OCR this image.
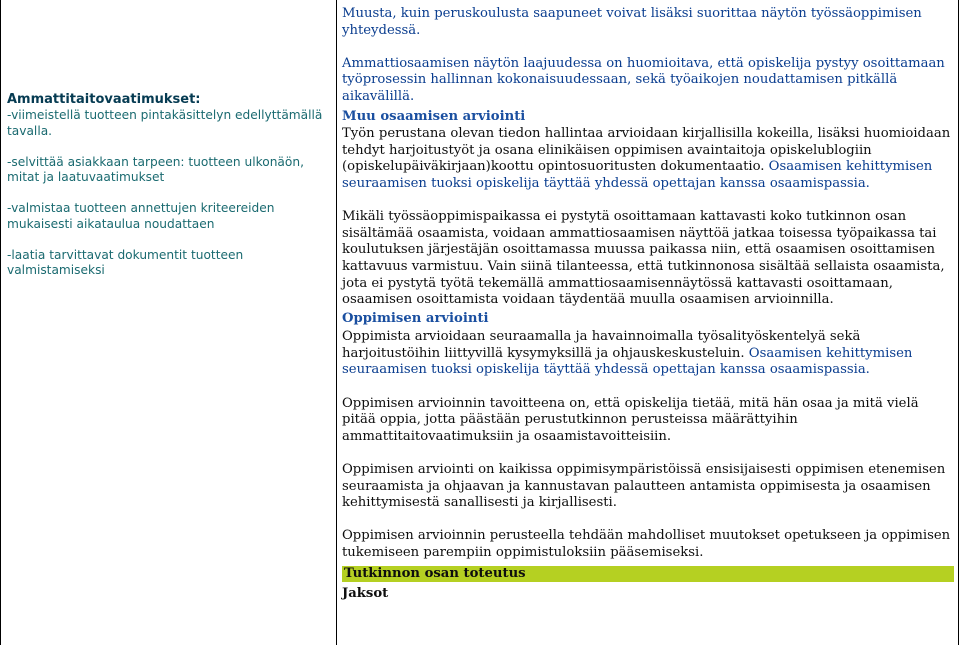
Ammattitaitovaatimukset:

-viimeistellä tuotteen pintakäsittelyn edellyttämällä tavalla.

-selvittää asiakkaan tarpeen: tuotteen ulkonäön, mitat ja laatuvaatimukset

-valmistaa tuotteen annettujen kriteereiden mukaisesti aikataulua noudattaen

-laatia tarvittavat dokumentit tuotteen valmistamiseksi

Muusta, kuin peruskoulusta saapuneet voivat lisäksi suorittaa näytön työssäoppimisen yhteydessä.

Ammattiosaamisen näytön laajuudessa on huomioitava, että opiskelija pystyy osoittamaan työprosessin hallinnan kokonaisuudessaan, sekä työaikojen noudattamisen pitkällä aikavälillä.

Muu osaamisen arviointi

Työn perustana olevan tiedon hallintaa arvioidaan kirjallisilla kokeilla, lisäksi huomioidaan tehdyt harjoitustyöt ja osana elinikäisen oppimisen avaintaitoja opiskelublogiin (opiskelupäiväkirjaan)koottu opintosuoritusten dokumentaatio. Osaamisen kehittymisen seuraamisen tuoksi opiskelija täyttää yhdessä opettajan kanssa osaamispassia.

Mikäli työssäoppimispaikassa ei pystytä osoittamaan kattavasti koko tutkinnon osan sisältämää osaamista, voidaan ammattiosaamisen näyttöä jatkaa toisessa työpaikassa tai koulutuksen järjestäjän osoittamassa muussa paikassa niin, että osaamisen osoittamisen kattavuus varmistuu. Vain siinä tilanteessa, että tutkinnonosa sisältää sellaista osaamista, jota ei pystytä työtä tekemällä ammattiosaamisennäytössä kattavasti osoittamaan, osaamisen osoittamista voidaan täydentää muulla osaamisen arvioinnilla.

Oppimisen arviointi

Oppimista arvioidaan seuraamalla ja havainnoimalla työsalityöskentelyä sekä harjoitustöihin liittyvillä kysymyksillä ja ohjauskeskusteluin. Osaamisen kehittymisen seuraamisen tuoksi opiskelija täyttää yhdessä opettajan kanssa osaamispassia.

Oppimisen arvioinnin tavoitteena on, että opiskelija tietää, mitä hän osaa ja mitä vielä pitää oppia, jotta päästään perustutkinnon perusteissa määrättyihin ammattitaitovaatimuksiin ja osaamistavoitteisiin.

Oppimisen arviointi on kaikissa oppimisympäristöissä ensisijaisesti oppimisen etenemisen seuraamista ja ohjaavan ja kannustavan palautteen antamista oppimisesta ja osaamisen kehittymisestä sanallisesti ja kirjallisesti.

Oppimisen arvioinnin perusteella tehdään mahdolliset muutokset opetukseen ja oppimisen tukemiseen parempiin oppimistuloksiin pääsemiseksi.

Tutkinnon osan toteutus

Jaksot
